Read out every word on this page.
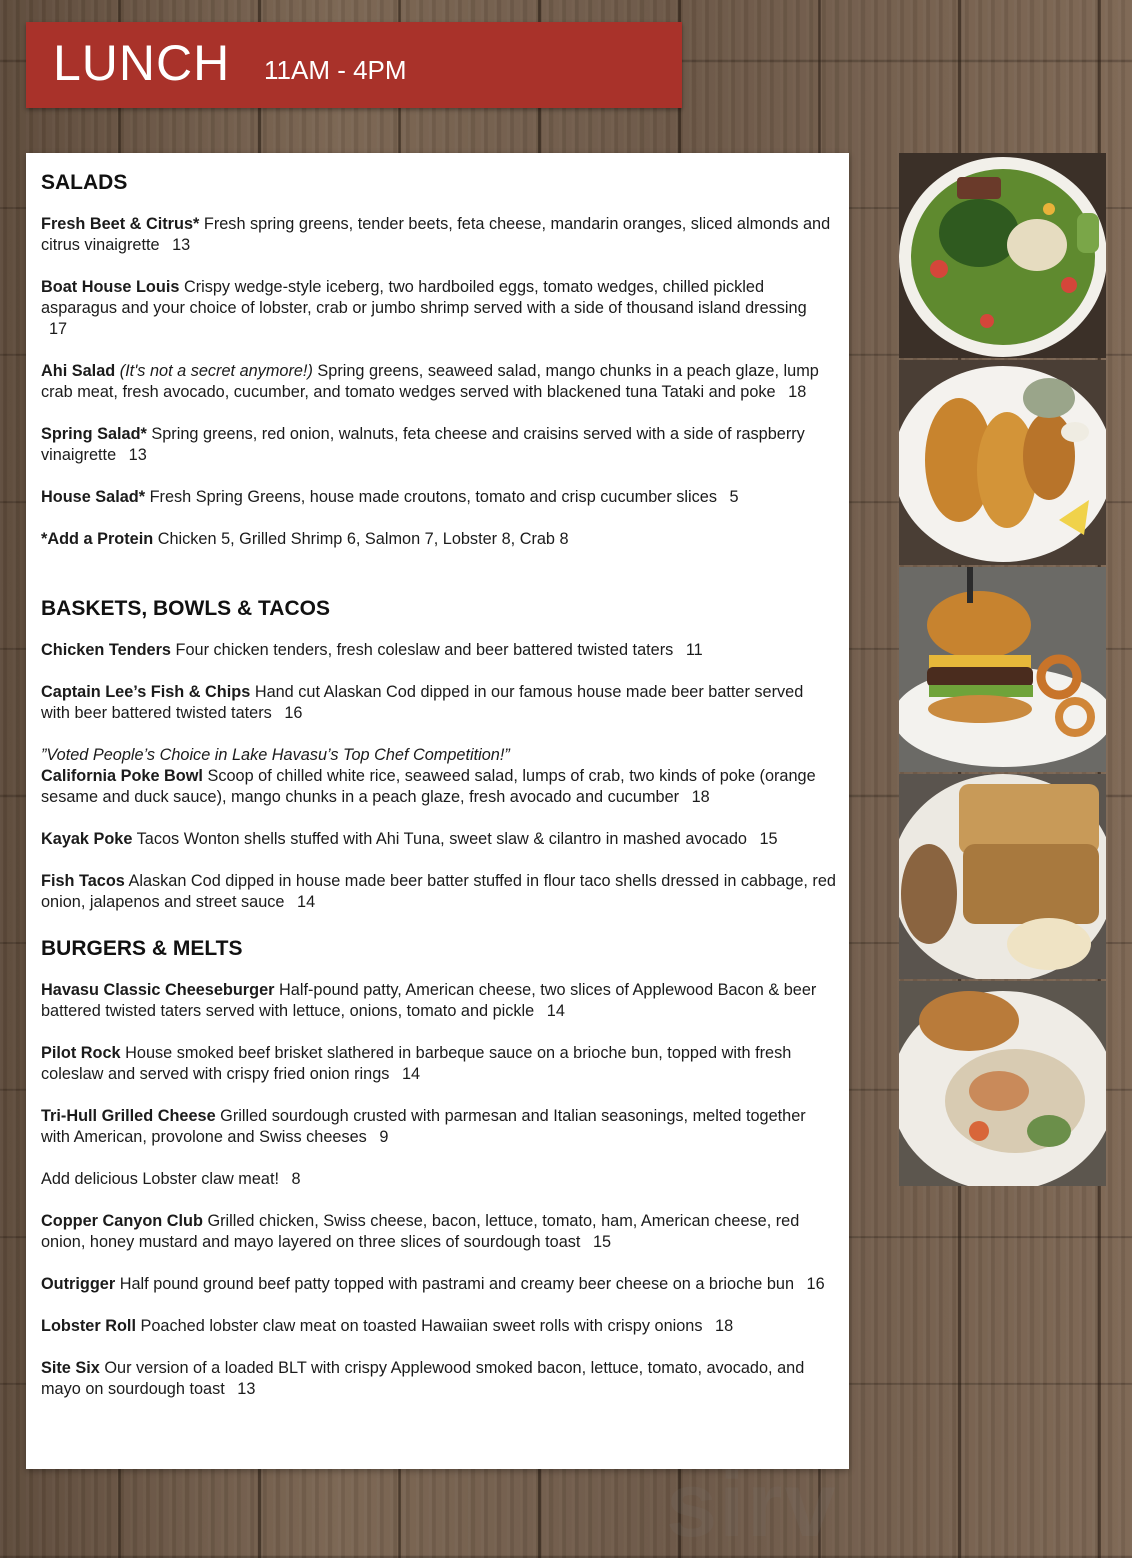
LUNCH 11AM - 4PM
SALADS

Fresh Beet & Citrus* Fresh spring greens, tender beets, feta cheese, mandarin oranges, sliced almonds and citrus vinaigrette 13

Boat House Louis Crispy wedge-style iceberg, two hardboiled eggs, tomato wedges, chilled pickled asparagus and your choice of lobster, crab or jumbo shrimp served with a side of thousand island dressing 17

Ahi Salad (It's not a secret anymore!) Spring greens, seaweed salad, mango chunks in a peach glaze, lump crab meat, fresh avocado, cucumber, and tomato wedges served with blackened tuna Tataki and poke 18

Spring Salad* Spring greens, red onion, walnuts, feta cheese and craisins served with a side of raspberry vinaigrette 13

House Salad* Fresh Spring Greens, house made croutons, tomato and crisp cucumber slices 5

*Add a Protein Chicken 5, Grilled Shrimp 6, Salmon 7, Lobster 8, Crab 8

BASKETS, BOWLS & TACOS

Chicken Tenders Four chicken tenders, fresh coleslaw and beer battered twisted taters 11

Captain Lee’s Fish & Chips Hand cut Alaskan Cod dipped in our famous house made beer batter served with beer battered twisted taters 16

”Voted People’s Choice in Lake Havasu’s Top Chef Competition!”
California Poke Bowl Scoop of chilled white rice, seaweed salad, lumps of crab, two kinds of poke (orange sesame and duck sauce), mango chunks in a peach glaze, fresh avocado and cucumber 18

Kayak Poke Tacos Wonton shells stuffed with Ahi Tuna, sweet slaw & cilantro in mashed avocado 15

Fish Tacos Alaskan Cod dipped in house made beer batter stuffed in flour taco shells dressed in cabbage, red onion, jalapenos and street sauce 14

BURGERS & MELTS

Havasu Classic Cheeseburger Half-pound patty, American cheese, two slices of Applewood Bacon & beer battered twisted taters served with lettuce, onions, tomato and pickle 14

Pilot Rock House smoked beef brisket slathered in barbeque sauce on a brioche bun, topped with fresh coleslaw and served with crispy fried onion rings 14

Tri-Hull Grilled Cheese Grilled sourdough crusted with parmesan and Italian seasonings, melted together with American, provolone and Swiss cheeses 9

Add delicious Lobster claw meat! 8

Copper Canyon Club Grilled chicken, Swiss cheese, bacon, lettuce, tomato, ham, American cheese, red onion, honey mustard and mayo layered on three slices of sourdough toast 15

Outrigger Half pound ground beef patty topped with pastrami and creamy beer cheese on a brioche bun 16

Lobster Roll Poached lobster claw meat on toasted Hawaiian sweet rolls with crispy onions 18

Site Six Our version of a loaded BLT with crispy Applewood smoked bacon, lettuce, tomato, avocado, and mayo on sourdough toast 13

sirv
